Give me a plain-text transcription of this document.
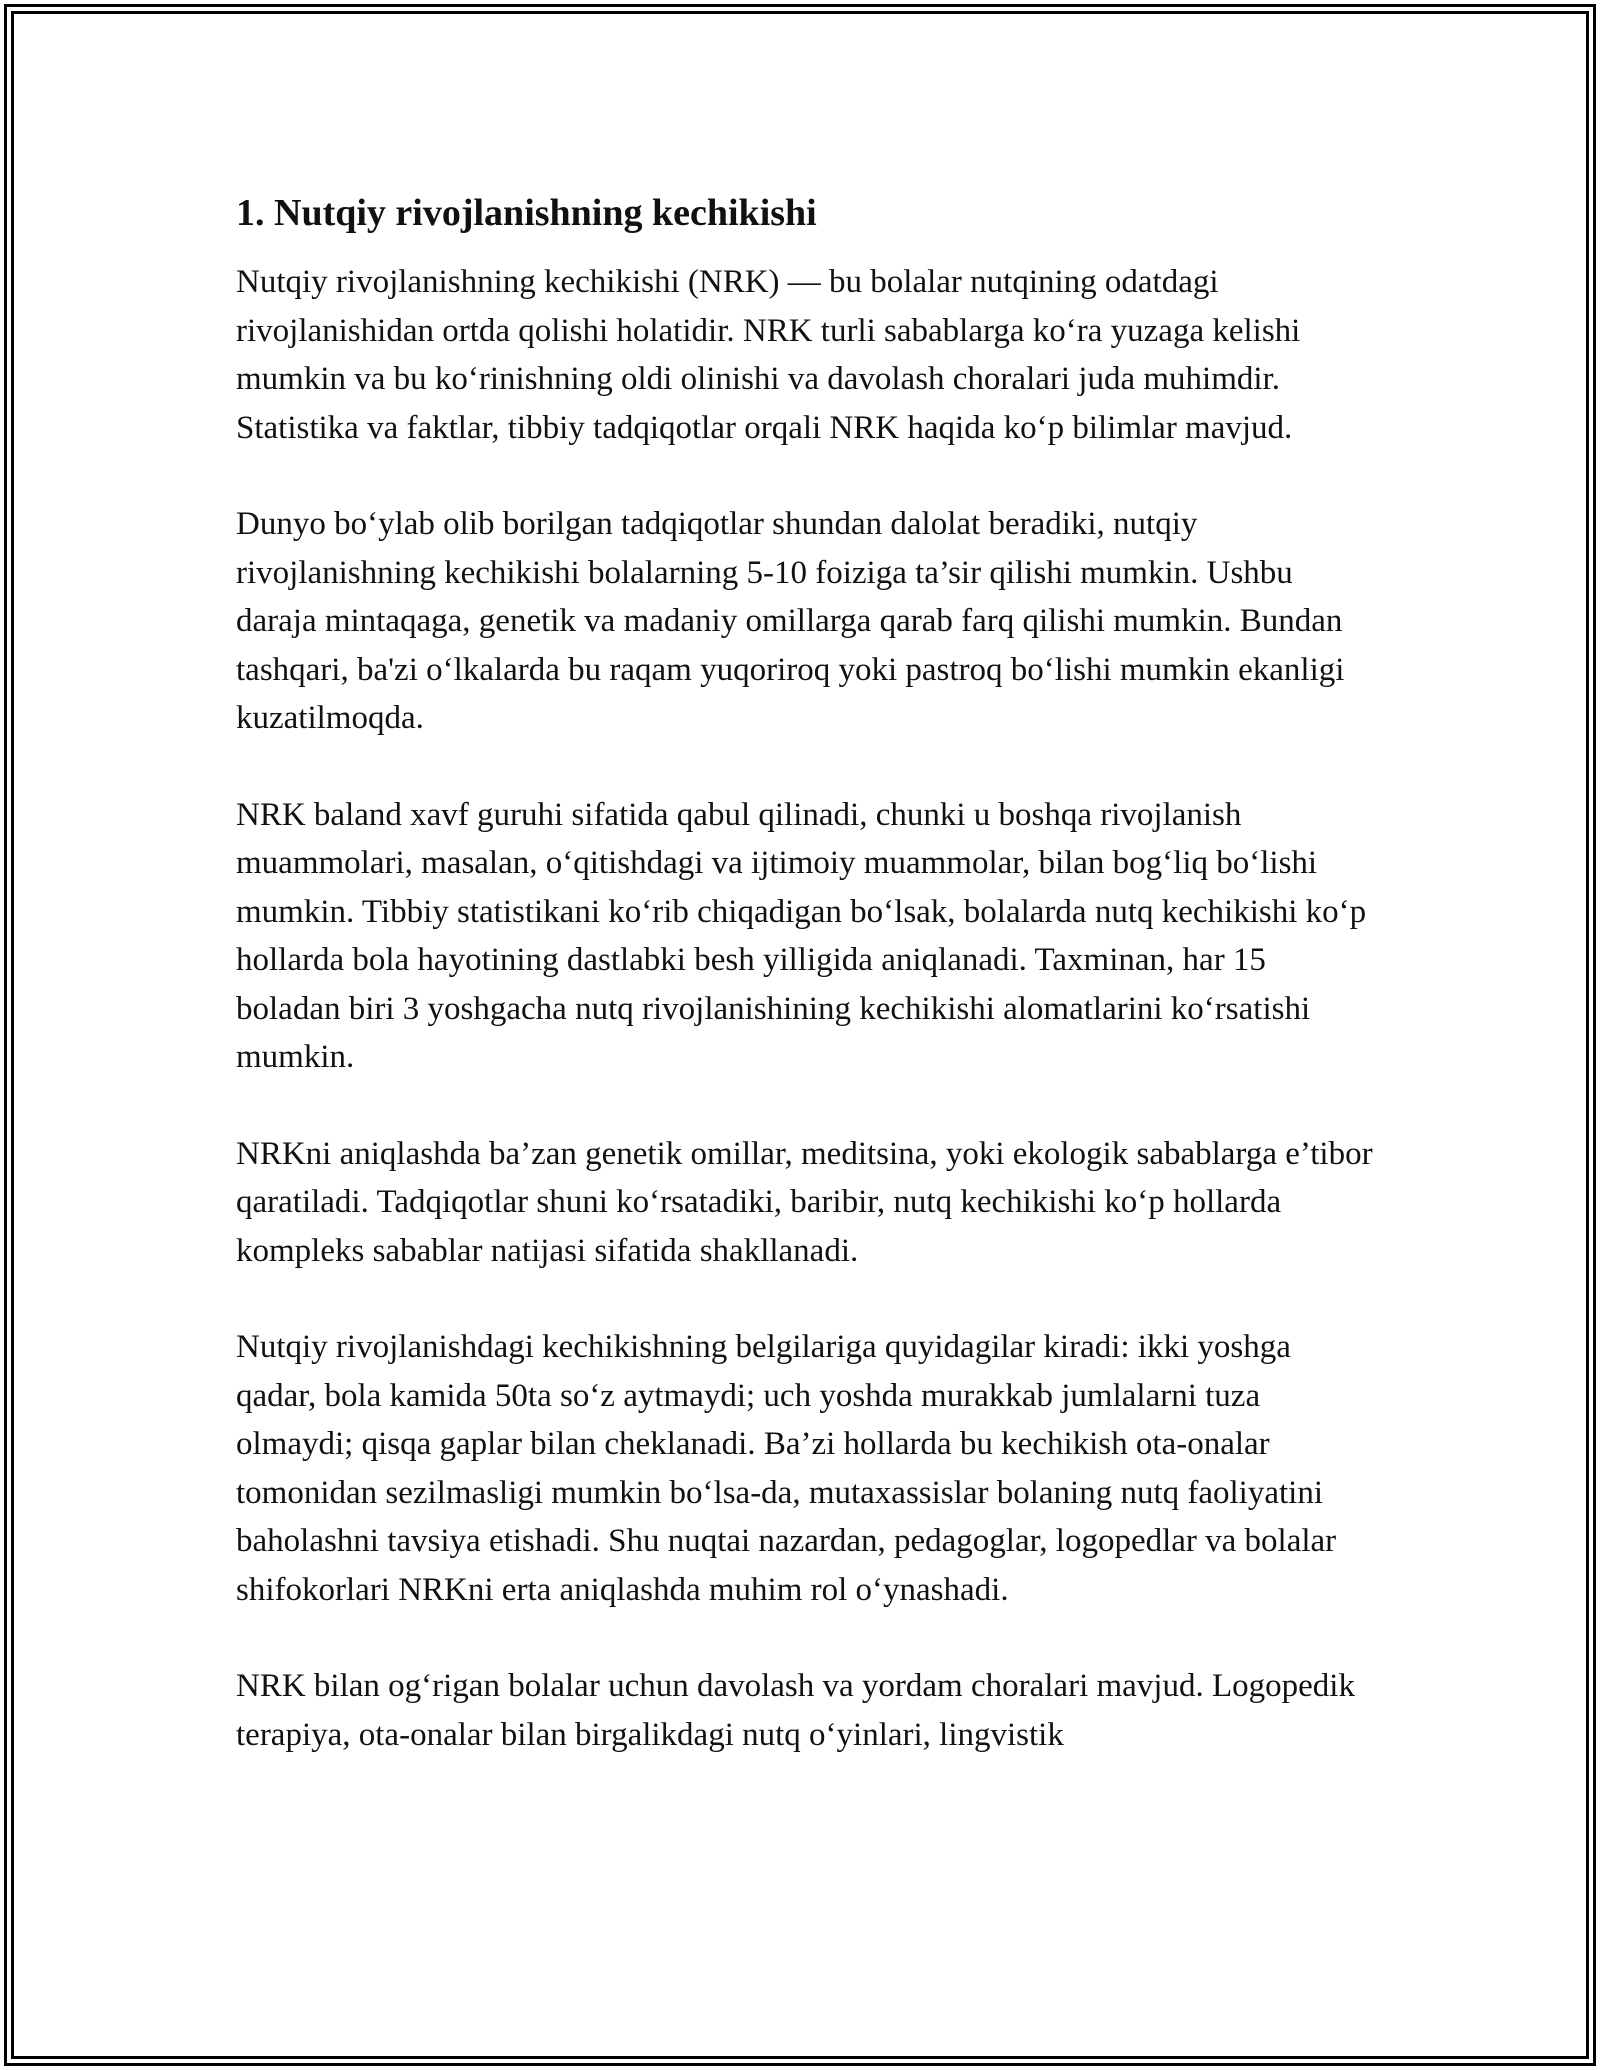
1. Nutqiy rivojlanishning kechikishi

Nutqiy rivojlanishning kechikishi (NRK) — bu bolalar nutqining odatdagi rivojlanishidan ortda qolishi holatidir. NRK turli sabablarga ko‘ra yuzaga kelishi mumkin va bu ko‘rinishning oldi olinishi va davolash choralari juda muhimdir. Statistika va faktlar, tibbiy tadqiqotlar orqali NRK haqida ko‘p bilimlar mavjud.

Dunyo bo‘ylab olib borilgan tadqiqotlar shundan dalolat beradiki, nutqiy rivojlanishning kechikishi bolalarning 5-10 foiziga ta’sir qilishi mumkin. Ushbu daraja mintaqaga, genetik va madaniy omillarga qarab farq qilishi mumkin. Bundan tashqari, ba'zi o‘lkalarda bu raqam yuqoriroq yoki pastroq bo‘lishi mumkin ekanligi kuzatilmoqda.

NRK baland xavf guruhi sifatida qabul qilinadi, chunki u boshqa rivojlanish muammolari, masalan, o‘qitishdagi va ijtimoiy muammolar, bilan bog‘liq bo‘lishi mumkin. Tibbiy statistikani ko‘rib chiqadigan bo‘lsak, bolalarda nutq kechikishi ko‘p hollarda bola hayotining dastlabki besh yilligida aniqlanadi. Taxminan, har 15 boladan biri 3 yoshgacha nutq rivojlanishining kechikishi alomatlarini ko‘rsatishi mumkin.

NRKni aniqlashda ba’zan genetik omillar, meditsina, yoki ekologik sabablarga e’tibor qaratiladi. Tadqiqotlar shuni ko‘rsatadiki, baribir, nutq kechikishi ko‘p hollarda kompleks sabablar natijasi sifatida shakllanadi.

Nutqiy rivojlanishdagi kechikishning belgilariga quyidagilar kiradi: ikki yoshga qadar, bola kamida 50ta so‘z aytmaydi; uch yoshda murakkab jumlalarni tuza olmaydi; qisqa gaplar bilan cheklanadi. Ba’zi hollarda bu kechikish ota-onalar tomonidan sezilmasligi mumkin bo‘lsa-da, mutaxassislar bolaning nutq faoliyatini baholashni tavsiya etishadi. Shu nuqtai nazardan, pedagoglar, logopedlar va bolalar shifokorlari NRKni erta aniqlashda muhim rol o‘ynashadi.

NRK bilan og‘rigan bolalar uchun davolash va yordam choralari mavjud. Logopedik terapiya, ota-onalar bilan birgalikdagi nutq o‘yinlari, lingvistik
